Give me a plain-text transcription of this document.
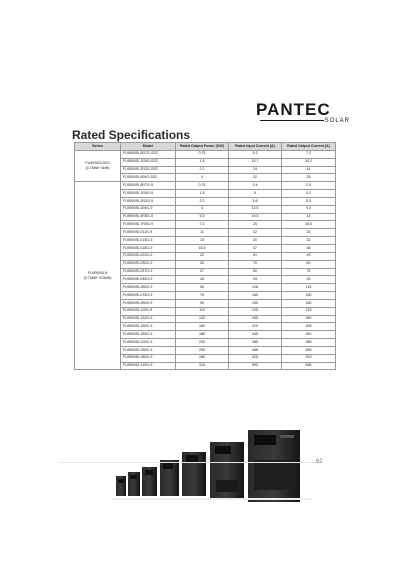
PANTEC
SOLAR
Rated Specifications
Series	Model	Rated Output Power (KW)	Rated Input Current (A)	Rated Output Current (A)

FU9000SI-SS2
(0.75kW~4kW)	FU9000SI-0R7G-SS2	0.75	9.3	7.2
	FU9000SI-1R5G-SS2	1.5	15.7	10.2
	FU9000SI-2R2G-SS2	2.2	24	14
	FU9000SI-004G-SS2	4	32	25

FU9000SI-9
(0.75kW~315kW)	FU9000SI-0R7G-9	0.75	3.4	2.5
	FU9000SI-1R5G-9	1.5	5	4.2
	FU9000SI-2R2G-9	2.2	5.8	5.5
	FU9000SI-004G-9	4	13.5	9.5
	FU9000SI-5R5G-9	5.5	19.5	14
	FU9000SI-7R5G-9	7.5	25	18.5
	FU9000SI-011G-9	11	32	25
	FU9000SI-015G-9	15	40	32
	FU9000SI-018G-9	18.5	47	38
	FU9000SI-022G-9	22	51	45
	FU9000SI-030G-9	30	70	60
	FU9000SI-037G-9	37	80	75
	FU9000SI-045G-9	45	94	92
	FU9000SI-055G-9	55	128	115
	FU9000SI-075G-9	75	160	150
	FU9000SI-090G-9	90	190	180
	FU9000SI-110G-9	110	225	215
	FU9000SI-132G-9	132	265	260
	FU9000SI-160G-9	160	310	305
	FU9000SI-185G-9	185	345	340
	FU9000SI-200G-9	200	385	380
	FU9000SI-250G-9	250	468	465
	FU9000SI-280G-9	280	525	520
	FU9000SI-315G-9	315	590	585
62
